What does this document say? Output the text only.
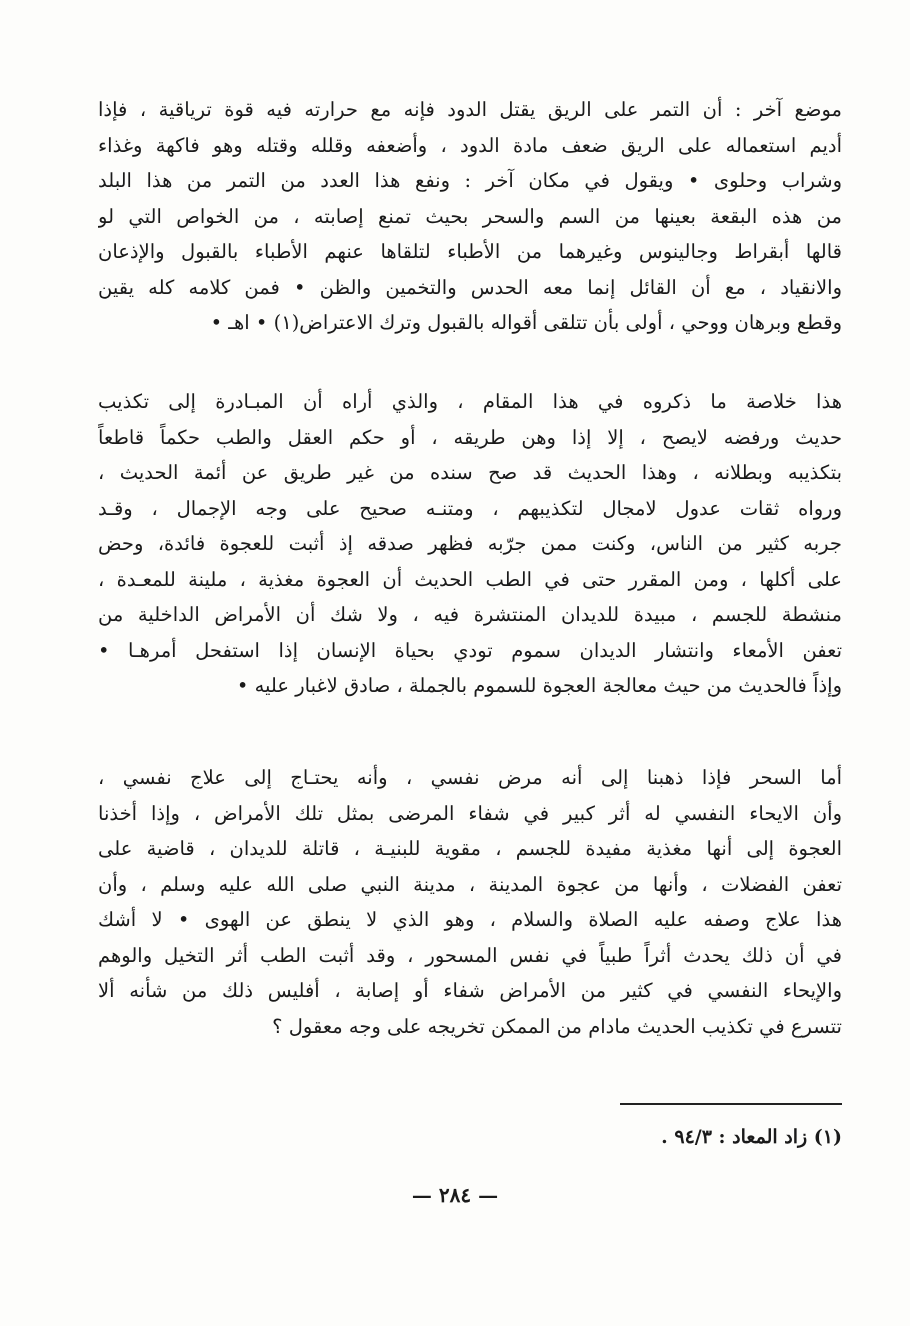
موضع آخر : أن التمر على الريق يقتل الدود فإنه مع حرارته فيه قوة ترياقية ، فإذا
أديم استعماله على الريق ضعف مادة الدود ، وأضعفه وقلله وقتله وهو فاكهة وغذاء
وشراب وحلوى • ويقول في مكان آخر : ونفع هذا العدد من التمر من هذا البلد
من هذه البقعة بعينها من السم والسحر بحيث تمنع إصابته ، من الخواص التي لو
قالها أبقراط وجالينوس وغيرهما من الأطباء لتلقاها عنهم الأطباء بالقبول والإذعان
والانقياد ، مع أن القائل إنما معه الحدس والتخمين والظن • فمن كلامه كله يقين
وقطع وبرهان ووحي ، أولى بأن تتلقى أقواله بالقبول وترك الاعتراض(١) • اهـ •
هذا خلاصة ما ذكروه في هذا المقام ، والذي أراه أن المبـادرة إلى تكذيب
حديث ورفضه لايصح ، إلا إذا وهن طريقه ، أو حكم العقل والطب حكماً قاطعاً
بتكذيبه وبطلانه ، وهذا الحديث قد صح سنده من غير طريق عن أئمة الحديث ،
ورواه ثقات عدول لامجال لتكذيبهم ، ومتنـه صحيح على وجه الإجمال ، وقـد
جربه كثير من الناس، وكنت ممن جرّبه فظهر صدقه إذ أثبت للعجوة فائدة، وحض
على أكلها ، ومن المقرر حتى في الطب الحديث أن العجوة مغذية ، ملينة للمعـدة ،
منشطة للجسم ، مبيدة للديدان المنتشرة فيه ، ولا شك أن الأمراض الداخلية من
تعفن الأمعاء وانتشار الديدان سموم تودي بحياة الإنسان إذا استفحل أمرهـا •
وإذاً فالحديث من حيث معالجة العجوة للسموم بالجملة ، صادق لاغبار عليه •
أما السحر فإذا ذهبنا إلى أنه مرض نفسي ، وأنه يحتـاج إلى علاج نفسي ،
وأن الايحاء النفسي له أثر كبير في شفاء المرضى بمثل تلك الأمراض ، وإذا أخذنا
العجوة إلى أنها مغذية مفيدة للجسم ، مقوية للبنيـة ، قاتلة للديدان ، قاضية على
تعفن الفضلات ، وأنها من عجوة المدينة ، مدينة النبي صلى الله عليه وسلم ، وأن
هذا علاج وصفه عليه الصلاة والسلام ، وهو الذي لا ينطق عن الهوى • لا أشك
في أن ذلك يحدث أثراً طبياً في نفس المسحور ، وقد أثبت الطب أثر التخيل والوهم
والإيحاء النفسي في كثير من الأمراض شفاء أو إصابة ، أفليس ذلك من شأنه ألا
تتسرع في تكذيب الحديث مادام من الممكن تخريجه على وجه معقول ؟

(١) زاد المعاد : ٩٤/٣ .

— ٢٨٤ —
